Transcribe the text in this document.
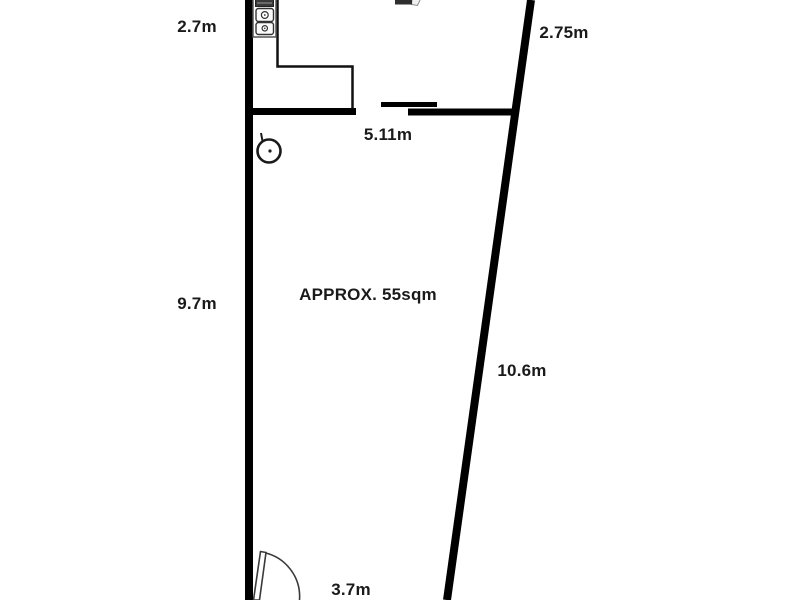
2.7m	2.75m
5.11m
9.7m	APPROX. 55sqm
10.6m
3.7m
